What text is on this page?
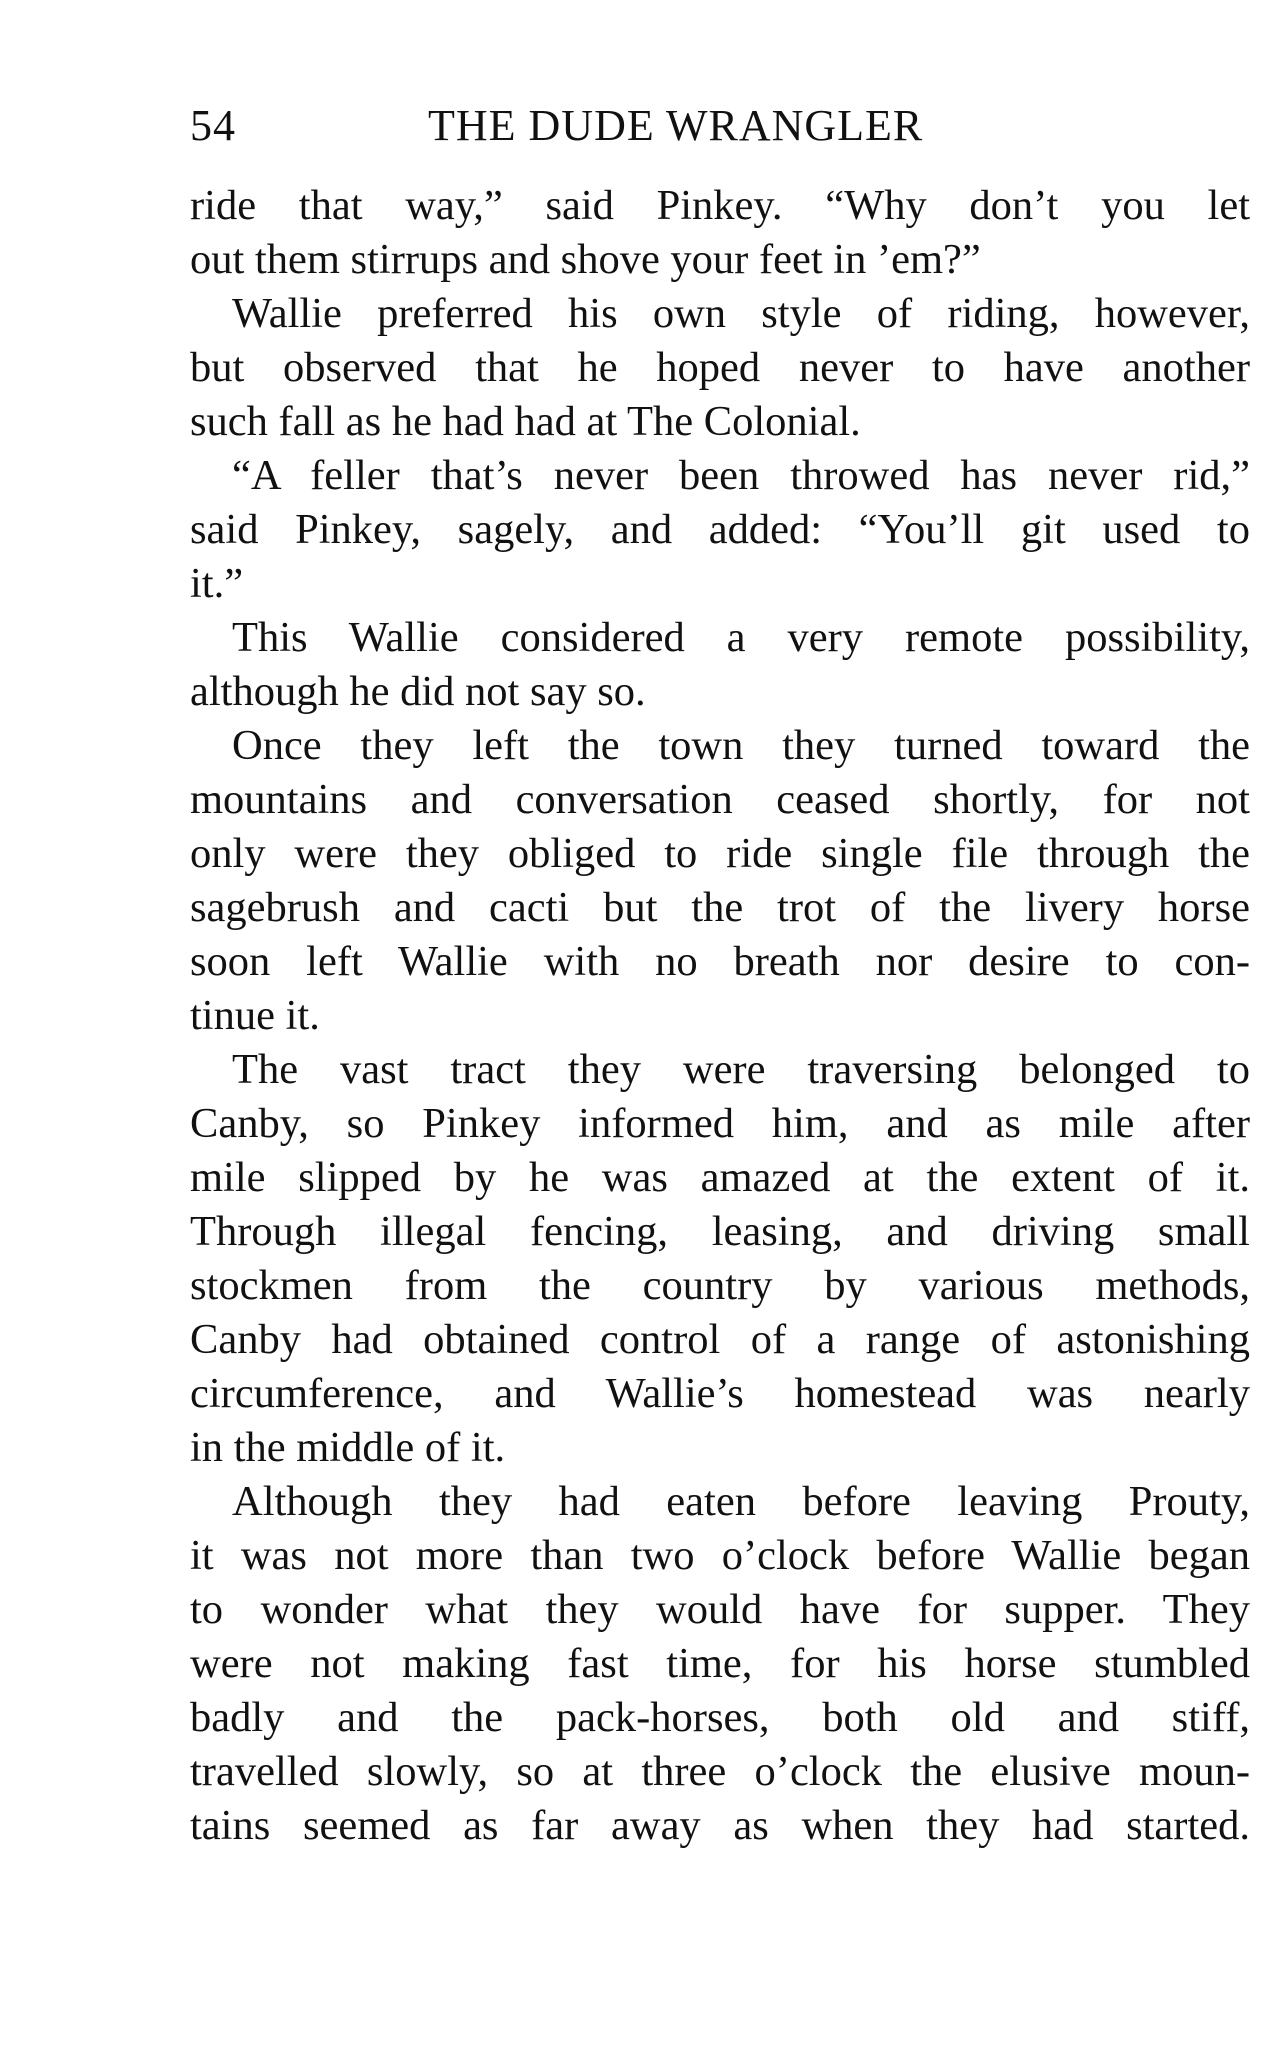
54	THE DUDE WRANGLER
ride that way,” said Pinkey. “Why don’t you let
out them stirrups and shove your feet in ’em?”
Wallie preferred his own style of riding, however,
but observed that he hoped never to have another
such fall as he had had at The Colonial.
“A feller that’s never been throwed has never rid,”
said Pinkey, sagely, and added: “You’ll git used to
it.”
This Wallie considered a very remote possibility,
although he did not say so.
Once they left the town they turned toward the
mountains and conversation ceased shortly, for not
only were they obliged to ride single file through the
sagebrush and cacti but the trot of the livery horse
soon left Wallie with no breath nor desire to con-
tinue it.
The vast tract they were traversing belonged to
Canby, so Pinkey informed him, and as mile after
mile slipped by he was amazed at the extent of it.
Through illegal fencing, leasing, and driving small
stockmen from the country by various methods,
Canby had obtained control of a range of astonishing
circumference, and Wallie’s homestead was nearly
in the middle of it.
Although they had eaten before leaving Prouty,
it was not more than two o’clock before Wallie began
to wonder what they would have for supper. They
were not making fast time, for his horse stumbled
badly and the pack-horses, both old and stiff,
travelled slowly, so at three o’clock the elusive moun-
tains seemed as far away as when they had started.
